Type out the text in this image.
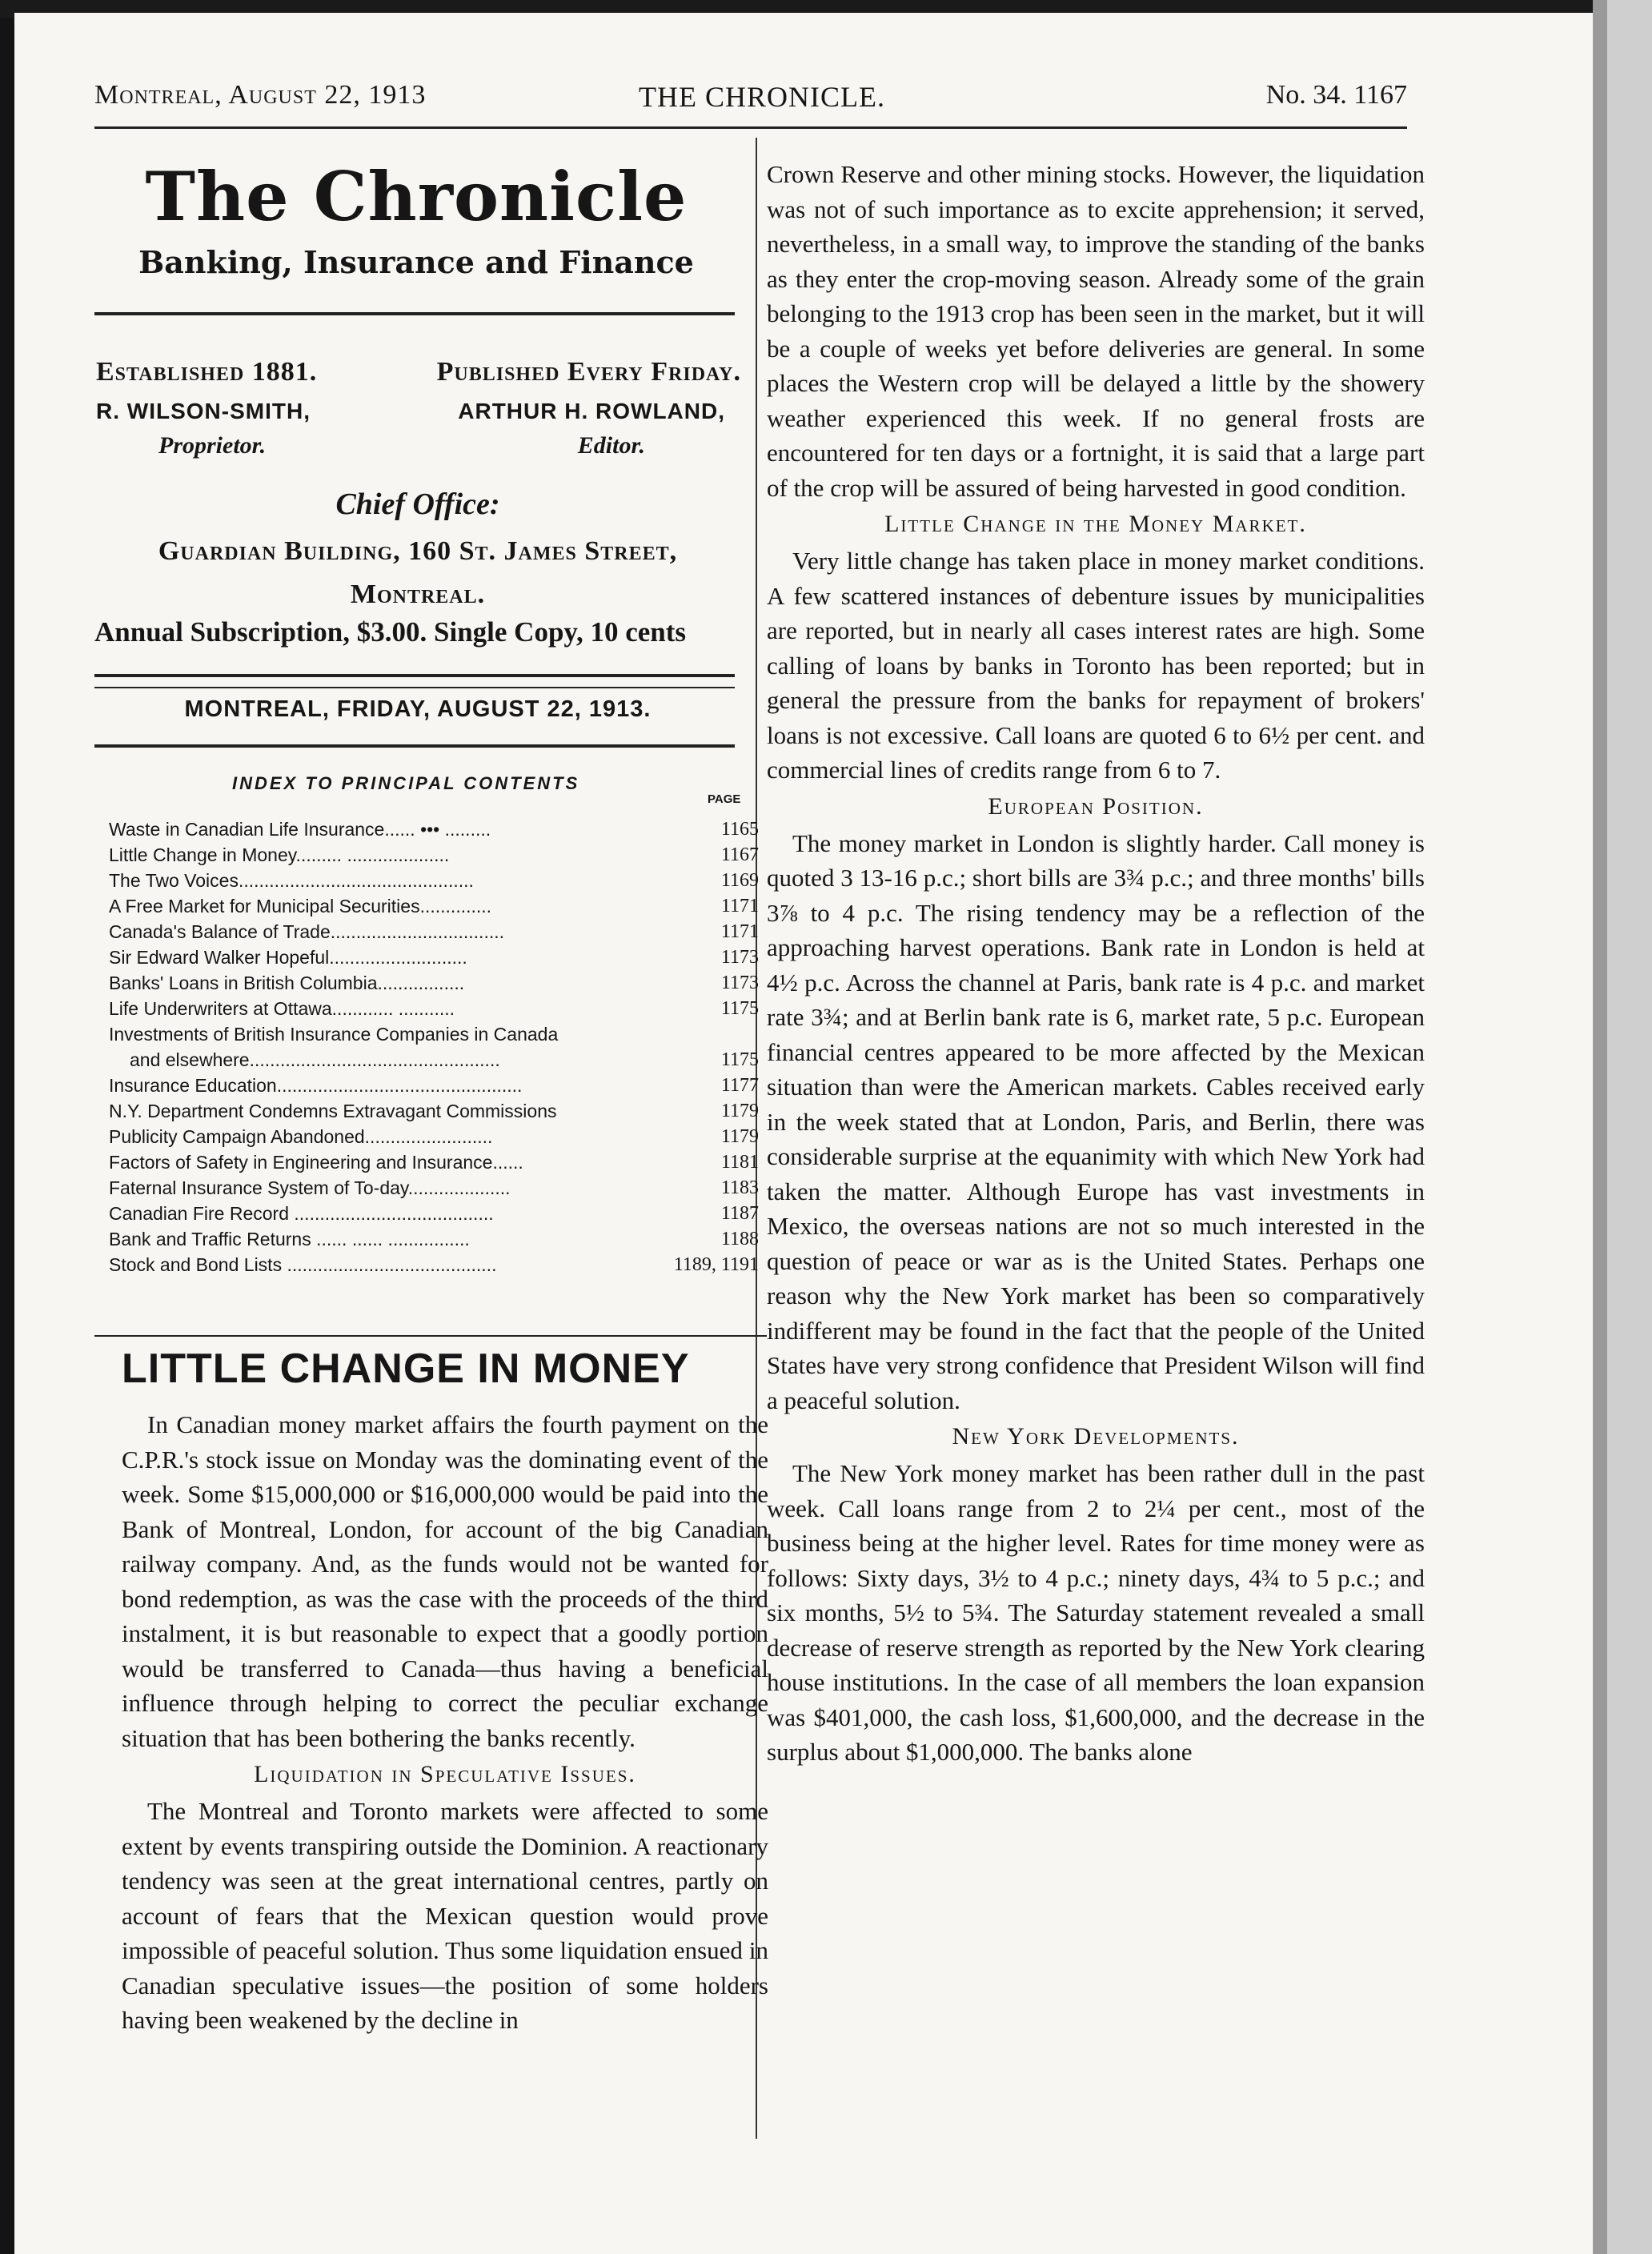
Montreal, August 22, 1913	THE CHRONICLE.	No. 34. 1167
The Chronicle
Banking, Insurance and Finance
Established 1881.	Published Every Friday.
R. WILSON-SMITH,	ARTHUR H. ROWLAND,
Proprietor.	Editor.
Chief Office:
Guardian Building, 160 St. James Street,
Montreal.
Annual Subscription, $3.00. Single Copy, 10 cents
MONTREAL, FRIDAY, AUGUST 22, 1913.
INDEX TO PRINCIPAL CONTENTS
PAGE
Waste in Canadian Life Insurance...... ••• .........	1165
Little Change in Money......... ....................	1167
The Two Voices..............................................	1169
A Free Market for Municipal Securities..............	1171
Canada's Balance of Trade..................................	1171
Sir Edward Walker Hopeful...........................	1173
Banks' Loans in British Columbia.................	1173
Life Underwriters at Ottawa............ ...........	1175
Investments of British Insurance Companies in Canada
and elsewhere.................................................	1175
Insurance Education................................................	1177
N.Y. Department Condemns Extravagant Commissions	1179
Publicity Campaign Abandoned.........................	1179
Factors of Safety in Engineering and Insurance......	1181
Faternal Insurance System of To-day....................	1183
Canadian Fire Record .......................................	1187
Bank and Traffic Returns ...... ...... ................	1188
Stock and Bond Lists .........................................	1189, 1191
LITTLE CHANGE IN MONEY

In Canadian money market affairs the fourth payment on the C.P.R.'s stock issue on Monday was the dominating event of the week. Some $15,000,000 or $16,000,000 would be paid into the Bank of Montreal, London, for account of the big Canadian railway company. And, as the funds would not be wanted for bond redemption, as was the case with the proceeds of the third instalment, it is but reasonable to expect that a goodly portion would be transferred to Canada—thus having a beneficial influence through helping to correct the peculiar exchange situation that has been bothering the banks recently.

Liquidation in Speculative Issues.

The Montreal and Toronto markets were affected to some extent by events transpiring outside the Dominion. A reactionary tendency was seen at the great international centres, partly on account of fears that the Mexican question would prove impossible of peaceful solution. Thus some liquidation ensued in Canadian speculative issues—the position of some holders having been weakened by the decline in

Crown Reserve and other mining stocks. However, the liquidation was not of such importance as to excite apprehension; it served, nevertheless, in a small way, to improve the standing of the banks as they enter the crop-moving season. Already some of the grain belonging to the 1913 crop has been seen in the market, but it will be a couple of weeks yet before deliveries are general. In some places the Western crop will be delayed a little by the showery weather experienced this week. If no general frosts are encountered for ten days or a fortnight, it is said that a large part of the crop will be assured of being harvested in good condition.

Little Change in the Money Market.

Very little change has taken place in money market conditions. A few scattered instances of debenture issues by municipalities are reported, but in nearly all cases interest rates are high. Some calling of loans by banks in Toronto has been reported; but in general the pressure from the banks for repayment of brokers' loans is not excessive. Call loans are quoted 6 to 6½ per cent. and commercial lines of credits range from 6 to 7.

European Position.

The money market in London is slightly harder. Call money is quoted 3 13-16 p.c.; short bills are 3¾ p.c.; and three months' bills 3⅞ to 4 p.c. The rising tendency may be a reflection of the approaching harvest operations. Bank rate in London is held at 4½ p.c. Across the channel at Paris, bank rate is 4 p.c. and market rate 3¾; and at Berlin bank rate is 6, market rate, 5 p.c. European financial centres appeared to be more affected by the Mexican situation than were the American markets. Cables received early in the week stated that at London, Paris, and Berlin, there was considerable surprise at the equanimity with which New York had taken the matter. Although Europe has vast investments in Mexico, the overseas nations are not so much interested in the question of peace or war as is the United States. Perhaps one reason why the New York market has been so comparatively indifferent may be found in the fact that the people of the United States have very strong confidence that President Wilson will find a peaceful solution.

New York Developments.

The New York money market has been rather dull in the past week. Call loans range from 2 to 2¼ per cent., most of the business being at the higher level. Rates for time money were as follows: Sixty days, 3½ to 4 p.c.; ninety days, 4¾ to 5 p.c.; and six months, 5½ to 5¾. The Saturday statement revealed a small decrease of reserve strength as reported by the New York clearing house institutions. In the case of all members the loan expansion was $401,000, the cash loss, $1,600,000, and the decrease in the surplus about $1,000,000. The banks alone
